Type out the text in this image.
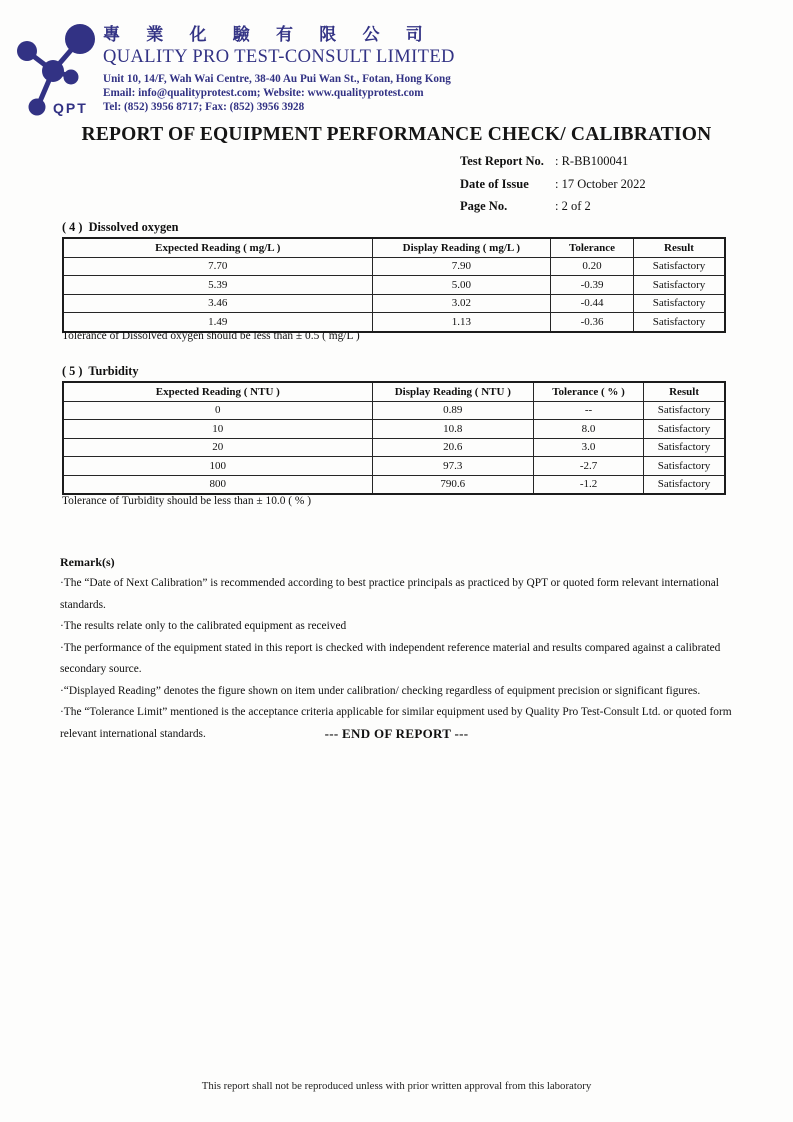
QPT
專 業 化 驗 有 限 公 司
QUALITY PRO TEST-CONSULT LIMITED
Unit 10, 14/F, Wah Wai Centre, 38-40 Au Pui Wan St., Fotan, Hong Kong
Email: info@qualityprotest.com; Website: www.qualityprotest.com
Tel: (852) 3956 8717; Fax: (852) 3956 3928
REPORT OF EQUIPMENT PERFORMANCE CHECK/ CALIBRATION
Test Report No. : R-BB100041
Date of Issue	: 17 October 2022
Page No.	: 2 of 2
( 4 )  Dissolved oxygen
Expected Reading ( mg/L )	Display Reading ( mg/L )	Tolerance	Result
7.70	7.90	0.20	Satisfactory
5.39	5.00	-0.39	Satisfactory
3.46	3.02	-0.44	Satisfactory
1.49	1.13	-0.36	Satisfactory
Tolerance of Dissolved oxygen should be less than ± 0.5 ( mg/L )
( 5 )  Turbidity
Expected Reading ( NTU )	Display Reading ( NTU )	Tolerance ( % )	Result
0	0.89	--	Satisfactory
10	10.8	8.0	Satisfactory
20	20.6	3.0	Satisfactory
100	97.3	-2.7	Satisfactory
800	790.6	-1.2	Satisfactory
Tolerance of Turbidity should be less than ± 10.0 ( % )
Remark(s)
·The “Date of Next Calibration” is recommended according to best practice principals as practiced by QPT or quoted form relevant international standards.
·The results relate only to the calibrated equipment as received
·The performance of the equipment stated in this report is checked with independent reference material and results compared against a calibrated secondary source.
·“Displayed Reading” denotes the figure shown on item under calibration/ checking regardless of equipment precision or significant figures.
·The “Tolerance Limit” mentioned is the acceptance criteria applicable for similar equipment used by Quality Pro Test-Consult Ltd. or quoted form relevant international standards.	--- END OF REPORT ---
This report shall not be reproduced unless with prior written approval from this laboratory
